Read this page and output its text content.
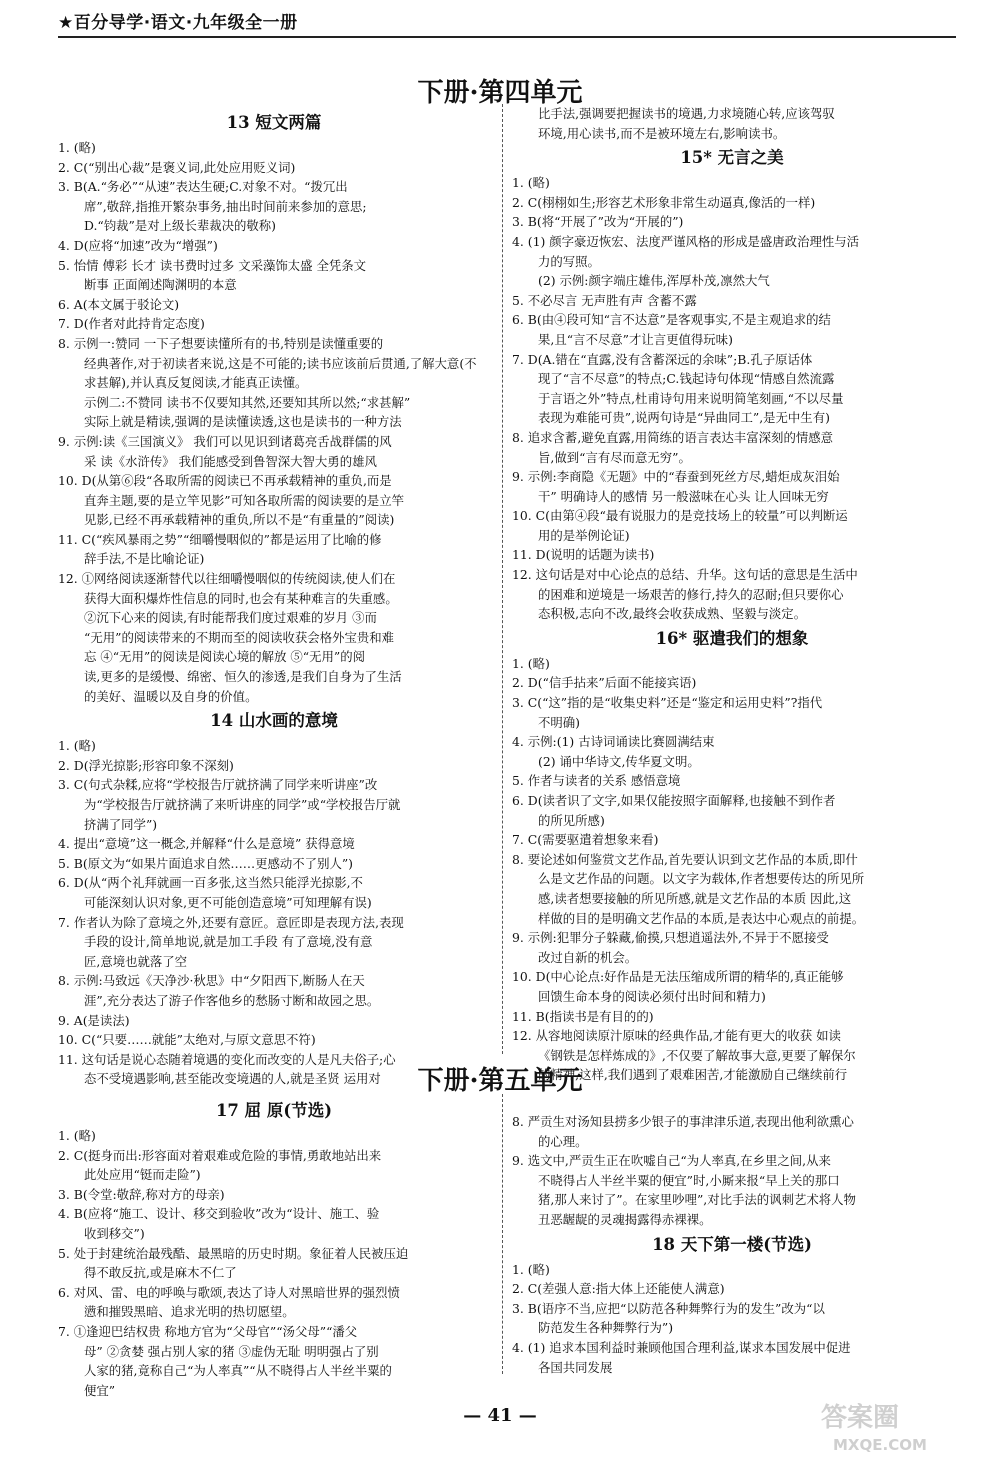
★百分导学·语文·九年级全一册
下册·第四单元
13 短文两篇
1. (略)
2. C(“别出心裁”是褒义词,此处应用贬义词)
3. B(A.“务必”“从速”表达生硬;C.对象不对。“拨冗出
席”,敬辞,指推开繁杂事务,抽出时间前来参加的意思;
D.“钧裁”是对上级长辈裁决的敬称)
4. D(应将“加速”改为“增强”)
5. 怡情 傅彩 长才 读书费时过多 文采藻饰太盛 全凭条文
断事 正面阐述陶渊明的本意
6. A(本文属于驳论文)
7. D(作者对此持肯定态度)
8. 示例一:赞同 一下子想要读懂所有的书,特别是读懂重要的
经典著作,对于初读者来说,这是不可能的;读书应该前后贯通,了解大意(不
求甚解),并认真反复阅读,才能真正读懂。
示例二:不赞同 读书不仅要知其然,还要知其所以然;“求甚解”
实际上就是精读,强调的是读懂读透,这也是读书的一种方法
9. 示例:读《三国演义》 我们可以见识到诸葛亮舌战群儒的风
采 读《水浒传》 我们能感受到鲁智深大智大勇的雄风
10. D(从第⑥段“各取所需的阅读已不再承载精神的重负,而是
直奔主题,要的是立竿见影”可知各取所需的阅读要的是立竿
见影,已经不再承载精神的重负,所以不是“有重量的”阅读)
11. C(“疾风暴雨之势”“细嚼慢咽似的”都是运用了比喻的修
辞手法,不是比喻论证)
12. ①网络阅读逐渐替代以往细嚼慢咽似的传统阅读,使人们在
获得大面积爆炸性信息的同时,也会有某种难言的失重感。
②沉下心来的阅读,有时能帮我们度过艰难的岁月 ③而
“无用”的阅读带来的不期而至的阅读收获会格外宝贵和难
忘 ④“无用”的阅读是阅读心境的解放 ⑤“无用”的阅
读,更多的是缓慢、绵密、恒久的渗透,是我们自身为了生活
的美好、温暖以及自身的价值。
14 山水画的意境
1. (略)
2. D(浮光掠影;形容印象不深刻)
3. C(句式杂糅,应将“学校报告厅就挤满了同学来听讲座”改
为“学校报告厅就挤满了来听讲座的同学”或“学校报告厅就
挤满了同学”)
4. 提出“意境”这一概念,并解释“什么是意境” 获得意境
5. B(原文为“如果片面追求自然……更感动不了别人”)
6. D(从“两个礼拜就画一百多张,这当然只能浮光掠影,不
可能深刻认识对象,更不可能创造意境”可知理解有误)
7. 作者认为除了意境之外,还要有意匠。意匠即是表现方法,表现
手段的设计,简单地说,就是加工手段 有了意境,没有意
匠,意境也就落了空
8. 示例:马致远《天净沙·秋思》中“夕阳西下,断肠人在天
涯”,充分表达了游子作客他乡的愁肠寸断和故园之思。
9. A(是读法)
10. C(“只要……就能”太绝对,与原文意思不符)
11. 这句话是说心态随着境遇的变化而改变的人是凡夫俗子;心
态不受境遇影响,甚至能改变境遇的人,就是圣贤 运用对
比手法,强调要把握读书的境遇,力求境随心转,应该驾驭
环境,用心读书,而不是被环境左右,影响读书。
15* 无言之美
1. (略)
2. C(栩栩如生;形容艺术形象非常生动逼真,像活的一样)
3. B(将“开展了”改为“开展的”)
4. (1) 颜字豪迈恢宏、法度严谨风格的形成是盛唐政治理性与活
力的写照。
(2) 示例:颜字端庄雄伟,浑厚朴茂,凛然大气
5. 不必尽言 无声胜有声 含蓄不露
6. B(由④段可知“言不达意”是客观事实,不是主观追求的结
果,且“言不尽意”才让言更值得玩味)
7. D(A.错在“直露,没有含蓄深远的余味”;B.孔子原话体
现了“言不尽意”的特点;C.钱起诗句体现“情感自然流露
于言语之外”特点,杜甫诗句用来说明简笔刻画,“不以尽量
表现为难能可贵”,说两句诗是“异曲同工”,是无中生有)
8. 追求含蓄,避免直露,用简练的语言表达丰富深刻的情感意
旨,做到“言有尽而意无穷”。
9. 示例:李商隐《无题》中的“春蚕到死丝方尽,蜡炬成灰泪始
干” 明确诗人的感情 另一般滋味在心头 让人回味无穷
10. C(由第④段“最有说服力的是竞技场上的较量”可以判断运
用的是举例论证)
11. D(说明的话题为读书)
12. 这句话是对中心论点的总结、升华。这句话的意思是生活中
的困难和逆境是一场艰苦的修行,持久的忍耐;但只要你心
态积极,志向不改,最终会收获成熟、坚毅与淡定。
16* 驱遣我们的想象
1. (略)
2. D(“信手拈来”后面不能接宾语)
3. C(“这”指的是“收集史料”还是“鉴定和运用史料”?指代
不明确)
4. 示例:(1) 古诗词诵读比赛圆满结束
(2) 诵中华诗文,传华夏文明。
5. 作者与读者的关系 感悟意境
6. D(读者识了文字,如果仅能按照字面解释,也接触不到作者
的所见所感)
7. C(需要驱遣着想象来看)
8. 要论述如何鉴赏文艺作品,首先要认识到文艺作品的本质,即什
么是文艺作品的问题。以文字为载体,作者想要传达的所见所
感,读者想要接触的所见所感,就是文艺作品的本质 因此,这
样做的目的是明确文艺作品的本质,是表达中心观点的前提。
9. 示例:犯罪分子躲藏,偷摸,只想逍遥法外,不异于不愿接受
改过自新的机会。
10. D(中心论点:好作品是无法压缩成所谓的精华的,真正能够
回馈生命本身的阅读必须付出时间和精力)
11. B(指读书是有目的的)
12. 从容地阅读原汁原味的经典作品,才能有更大的收获 如读
《钢铁是怎样炼成的》,不仅要了解故事大意,更要了解保尔
的精神,这样,我们遇到了艰难困苦,才能激励自己继续前行
下册·第五单元
17 屈 原(节选)
1. (略)
2. C(挺身而出:形容面对着艰难或危险的事情,勇敢地站出来
此处应用“铤而走险”)
3. B(令堂:敬辞,称对方的母亲)
4. B(应将“施工、设计、移交到验收”改为“设计、施工、验
收到移交”)
5. 处于封建统治最残酷、最黑暗的历史时期。象征着人民被压迫
得不敢反抗,或是麻木不仁了
6. 对风、雷、电的呼唤与歌颂,表达了诗人对黑暗世界的强烈愤
懑和摧毁黑暗、追求光明的热切愿望。
7. ①逢迎巴结权贵 称地方官为“父母官”“汤父母”“潘父
母” ②贪婪 强占别人家的猪 ③虚伪无耻 明明强占了别
人家的猪,竟称自己“为人率真”“从不晓得占人半丝半粟的
便宜”
8. 严贡生对汤知县捞多少银子的事津津乐道,表现出他利欲熏心
的心理。
9. 选文中,严贡生正在吹嘘自己“为人率真,在乡里之间,从来
不晓得占人半丝半粟的便宜”时,小厮来报“早上关的那口
猪,那人来讨了”。在家里吵哩”,对比手法的讽刺艺术将人物
丑恶龌龊的灵魂揭露得赤裸裸。
18 天下第一楼(节选)
1. (略)
2. C(差强人意:指大体上还能使人满意)
3. B(语序不当,应把“以防范各种舞弊行为的发生”改为“以
防范发生各种舞弊行为”)
4. (1) 追求本国利益时兼顾他国合理利益,谋求本国发展中促进
各国共同发展
— 41 —	答案圈
MXQE.COM
